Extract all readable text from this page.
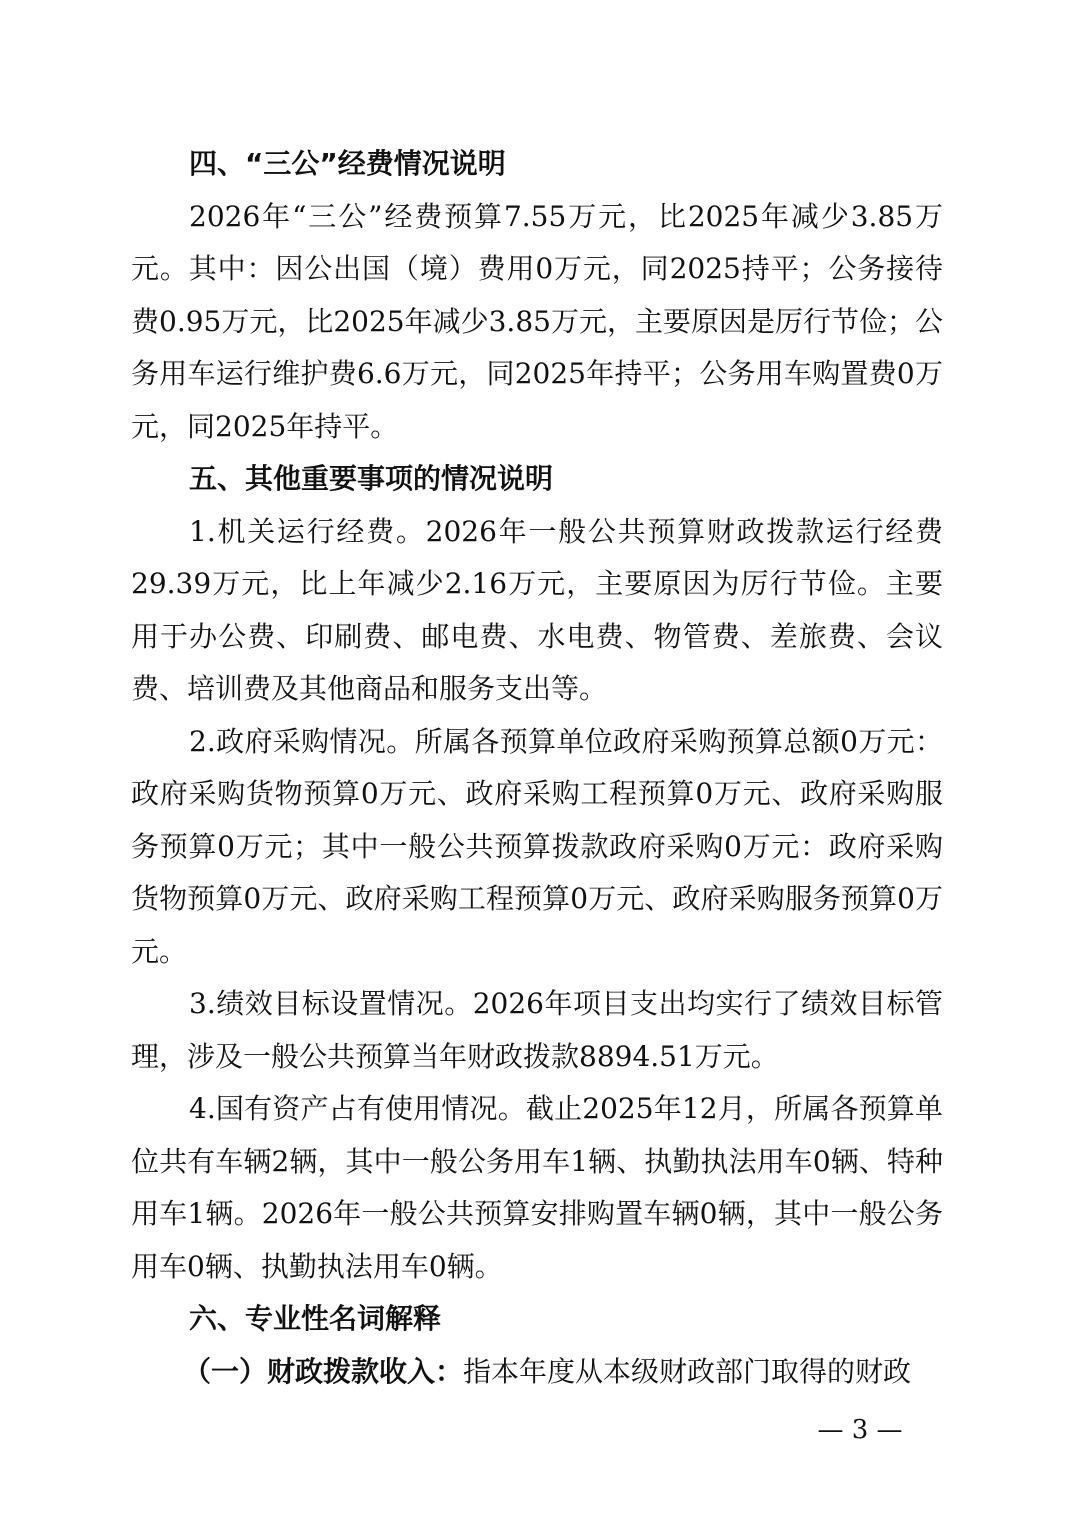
四、“三公”经费情况说明

2026年“三公”经费预算7.55万元，比2025年减少3.85万元。其中：因公出国（境）费用0万元，同2025持平；公务接待费0.95万元，比2025年减少3.85万元，主要原因是厉行节俭；公务用车运行维护费6.6万元，同2025年持平；公务用车购置费0万元，同2025年持平。

五、其他重要事项的情况说明

1.机关运行经费。2026年一般公共预算财政拨款运行经费29.39万元，比上年减少2.16万元，主要原因为厉行节俭。主要用于办公费、印刷费、邮电费、水电费、物管费、差旅费、会议费、培训费及其他商品和服务支出等。

2.政府采购情况。所属各预算单位政府采购预算总额0万元：政府采购货物预算0万元、政府采购工程预算0万元、政府采购服务预算0万元；其中一般公共预算拨款政府采购0万元：政府采购货物预算0万元、政府采购工程预算0万元、政府采购服务预算0万元。

3.绩效目标设置情况。2026年项目支出均实行了绩效目标管理，涉及一般公共预算当年财政拨款8894.51万元。

4.国有资产占有使用情况。截止2025年12月，所属各预算单位共有车辆2辆，其中一般公务用车1辆、执勤执法用车0辆、特种用车1辆。2026年一般公共预算安排购置车辆0辆，其中一般公务用车0辆、执勤执法用车0辆。

六、专业性名词解释

（一）财政拨款收入：指本年度从本级财政部门取得的财政

— 3 —
